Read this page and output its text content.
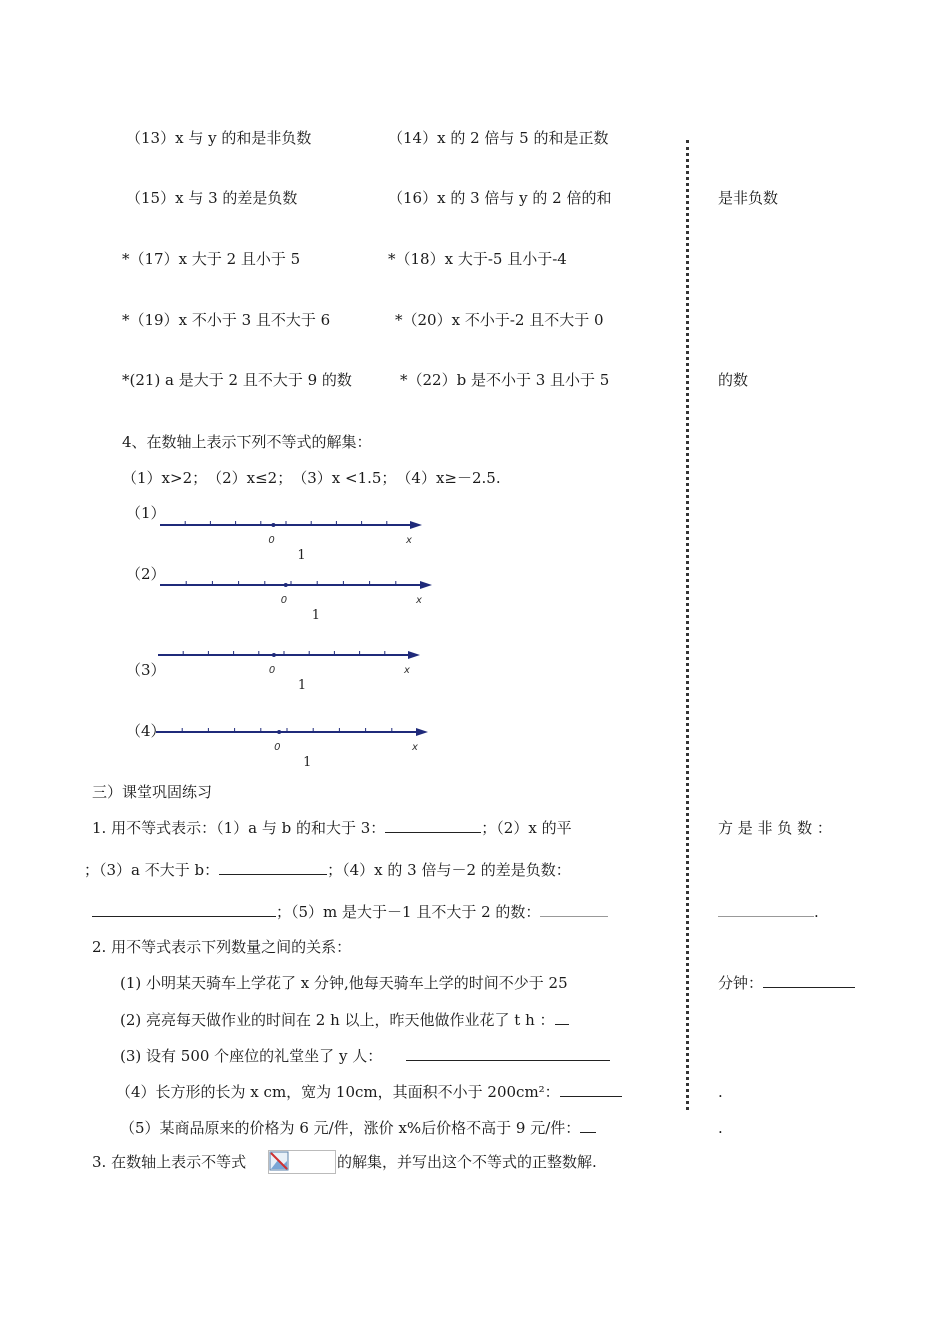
（13）x 与 y 的和是非负数	（14）x 的 2 倍与 5 的和是正数
（15）x 与 3 的差是负数	（16）x 的 3 倍与 y 的 2 倍的和	是非负数
*（17）x 大于 2 且小于 5	*（18）x 大于-5 且小于-4
*（19）x 不小于 3 且不大于 6	*（20）x 不小于-2 且不大于 0
*(21) a 是大于 2 且不大于 9 的数	*（22）b 是不小于 3 且小于 5	的数
4、在数轴上表示下列不等式的解集：
（1）x>2；　（2）x≤2；　（3）x <1.5；　（4）x≥－2.5.
（1）
（2）
（3）
（4）
0	x
1
0	x
1
0	x
1
0	x
1
三）课堂巩固练习
1. 用不等式表示：（1）a 与 b 的和大于 3：	；（2）x 的平	方 是 非 负 数 ：
；（3）a 不大于 b：	；（4）x 的 3 倍与－2 的差是负数：
；（5）m 是大于－1 且不大于 2 的数：	.
2. 用不等式表示下列数量之间的关系：
(1) 小明某天骑车上学花了 x 分钟,他每天骑车上学的时间不少于 25	分钟：
(2) 亮亮每天做作业的时间在 2 h 以上，昨天他做作业花了 t h ：
(3) 设有 500 个座位的礼堂坐了 y 人：
（4）长方形的长为 x cm，宽为 10cm，其面积不小于 200cm²：	.
（5）某商品原来的价格为 6 元/件，涨价 x%后价格不高于 9 元/件：	.
3. 在数轴上表示不等式	的解集，并写出这个不等式的正整数解.
